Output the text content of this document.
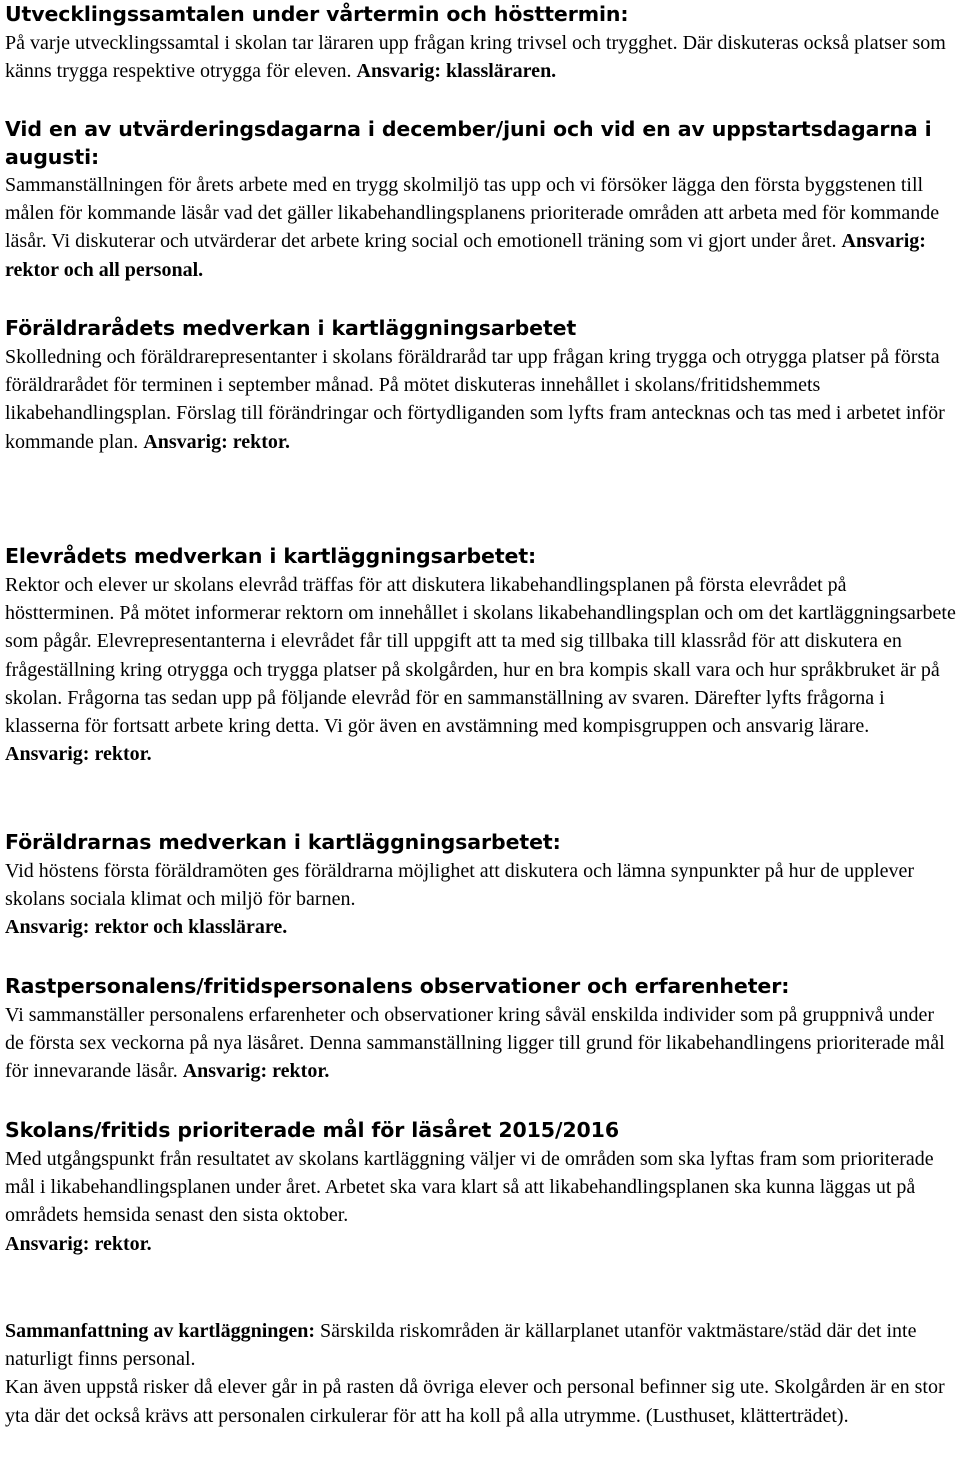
Utvecklingssamtalen under vårtermin och hösttermin:

På varje utvecklingssamtal i skolan tar läraren upp frågan kring trivsel och trygghet. Där diskuteras också platser som känns trygga respektive otrygga för eleven. Ansvarig: klassläraren.

Vid en av utvärderingsdagarna i december/juni och vid en av uppstartsdagarna i augusti:

Sammanställningen för årets arbete med en trygg skolmiljö tas upp och vi försöker lägga den första byggstenen till målen för kommande läsår vad det gäller likabehandlingsplanens prioriterade områden att arbeta med för kommande läsår. Vi diskuterar och utvärderar det arbete kring social och emotionell träning som vi gjort under året. Ansvarig: rektor och all personal.

Föräldrarådets medverkan i kartläggningsarbetet

Skolledning och föräldrarepresentanter i skolans föräldraråd tar upp frågan kring trygga och otrygga platser på första föräldrarådet för terminen i september månad. På mötet diskuteras innehållet i skolans/fritidshemmets likabehandlingsplan. Förslag till förändringar och förtydliganden som lyfts fram antecknas och tas med i arbetet inför kommande plan. Ansvarig: rektor.

Elevrådets medverkan i kartläggningsarbetet:

Rektor och elever ur skolans elevråd träffas för att diskutera likabehandlingsplanen på första elevrådet på höstterminen. På mötet informerar rektorn om innehållet i skolans likabehandlingsplan och om det kartläggningsarbete som pågår. Elevrepresentanterna i elevrådet får till uppgift att ta med sig tillbaka till klassråd för att diskutera en frågeställning kring otrygga och trygga platser på skolgården, hur en bra kompis skall vara och hur språkbruket är på skolan. Frågorna tas sedan upp på följande elevråd för en sammanställning av svaren. Därefter lyfts frågorna i klasserna för fortsatt arbete kring detta. Vi gör även en avstämning med kompisgruppen och ansvarig lärare. Ansvarig: rektor.

Föräldrarnas medverkan i kartläggningsarbetet:

Vid höstens första föräldramöten ges föräldrarna möjlighet att diskutera och lämna synpunkter på hur de upplever skolans sociala klimat och miljö för barnen.
Ansvarig: rektor och klasslärare.

Rastpersonalens/fritidspersonalens observationer och erfarenheter:

Vi sammanställer personalens erfarenheter och observationer kring såväl enskilda individer som på gruppnivå under de första sex veckorna på nya läsåret. Denna sammanställning ligger till grund för likabehandlingens prioriterade mål för innevarande läsår. Ansvarig: rektor.

Skolans/fritids prioriterade mål för läsåret 2015/2016

Med utgångspunkt från resultatet av skolans kartläggning väljer vi de områden som ska lyftas fram som prioriterade mål i likabehandlingsplanen under året. Arbetet ska vara klart så att likabehandlingsplanen ska kunna läggas ut på områdets hemsida senast den sista oktober.
Ansvarig: rektor.

Sammanfattning av kartläggningen: Särskilda riskområden är källarplanet utanför vaktmästare/städ där det inte naturligt finns personal.

Kan även uppstå risker då elever går in på rasten då övriga elever och personal befinner sig ute. Skolgården är en stor yta där det också krävs att personalen cirkulerar för att ha koll på alla utrymme. (Lusthuset, klätterträdet).
